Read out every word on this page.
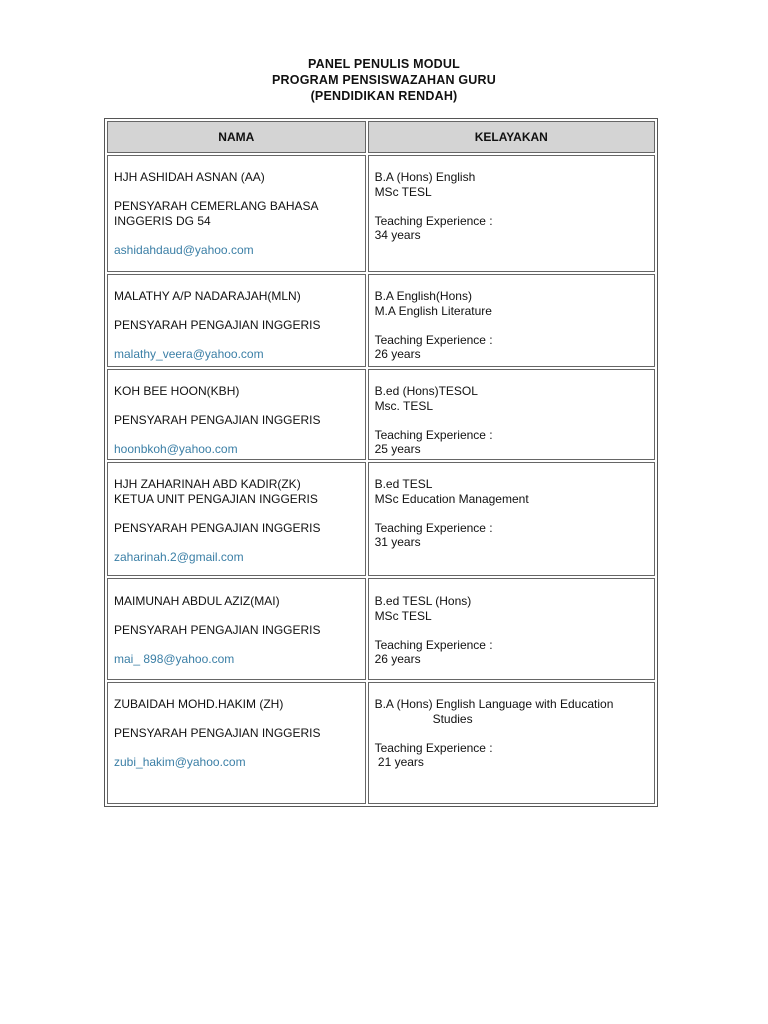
PANEL PENULIS MODUL
PROGRAM PENSISWAZAHAN GURU
(PENDIDIKAN RENDAH)
NAMA	KELAYAKAN

HJH ASHIDAH ASNAN (AA)
PENSYARAH CEMERLANG BAHASA
INGGERIS DG 54
ashidahdaud@yahoo.com	B.A (Hons) English
MSc TESL
Teaching Experience :
34 years

MALATHY A/P NADARAJAH(MLN)
PENSYARAH PENGAJIAN INGGERIS
malathy_veera@yahoo.com	B.A English(Hons)
M.A English Literature
Teaching Experience :
26 years

KOH BEE HOON(KBH)
PENSYARAH PENGAJIAN INGGERIS
hoonbkoh@yahoo.com	B.ed (Hons)TESOL
Msc. TESL
Teaching Experience :
25 years

HJH ZAHARINAH ABD KADIR(ZK)
KETUA UNIT PENGAJIAN INGGERIS
PENSYARAH PENGAJIAN INGGERIS
zaharinah.2@gmail.com	B.ed TESL
MSc Education Management
Teaching Experience :
31 years

MAIMUNAH ABDUL AZIZ(MAI)
PENSYARAH PENGAJIAN INGGERIS
mai_ 898@yahoo.com	B.ed TESL (Hons)
MSc TESL
Teaching Experience :
26 years

ZUBAIDAH MOHD.HAKIM (ZH)
PENSYARAH PENGAJIAN INGGERIS
zubi_hakim@yahoo.com	B.A (Hons) English Language with Education
Studies
Teaching Experience :
21 years
